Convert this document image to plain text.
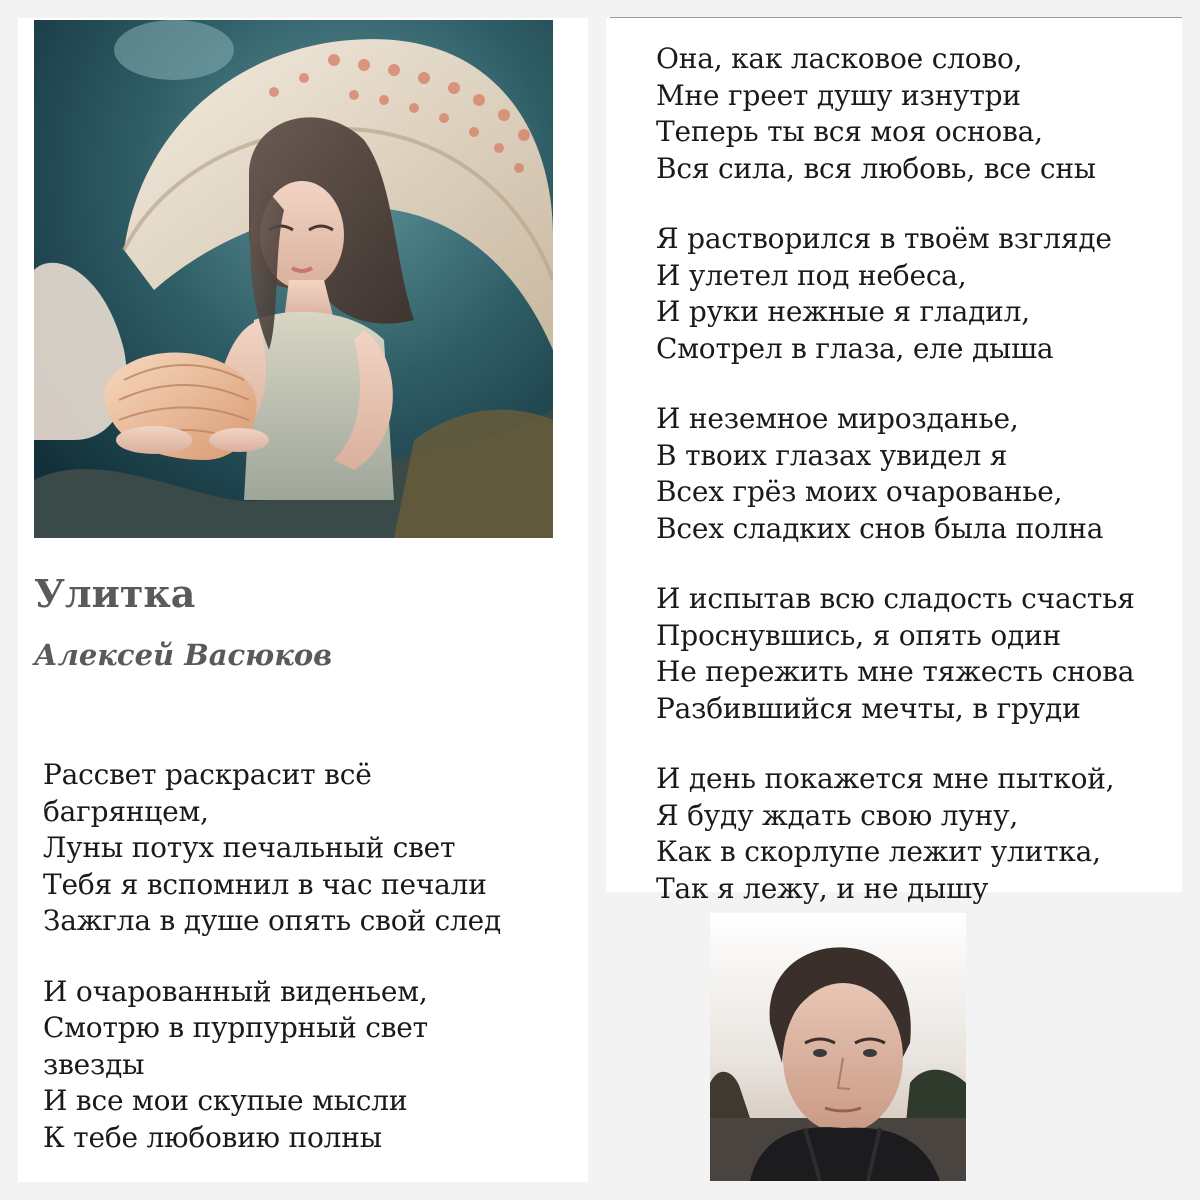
Улитка
Алексей Васюков
Рассвет раскрасит всё
багрянцем,
Луны потух печальный свет
Тебя я вспомнил в час печали
Зажгла в душе опять свой след
И очарованный виденьем,
Смотрю в пурпурный свет
звезды
И все мои скупые мысли
К тебе любовию полны
Она, как ласковое слово,
Мне греет душу изнутри
Теперь ты вся моя основа,
Вся сила, вся любовь, все сны
Я растворился в твоём взгляде
И улетел под небеса,
И руки нежные я гладил,
Смотрел в глаза, еле дыша
И неземное мирозданье,
В твоих глазах увидел я
Всех грёз моих очарованье,
Всех сладких снов была полна
И испытав всю сладость счастья
Проснувшись, я опять один
Не пережить мне тяжесть снова
Разбившийся мечты, в груди
И день покажется мне пыткой,
Я буду ждать свою луну,
Как в скорлупе лежит улитка,
Так я лежу, и не дышу
